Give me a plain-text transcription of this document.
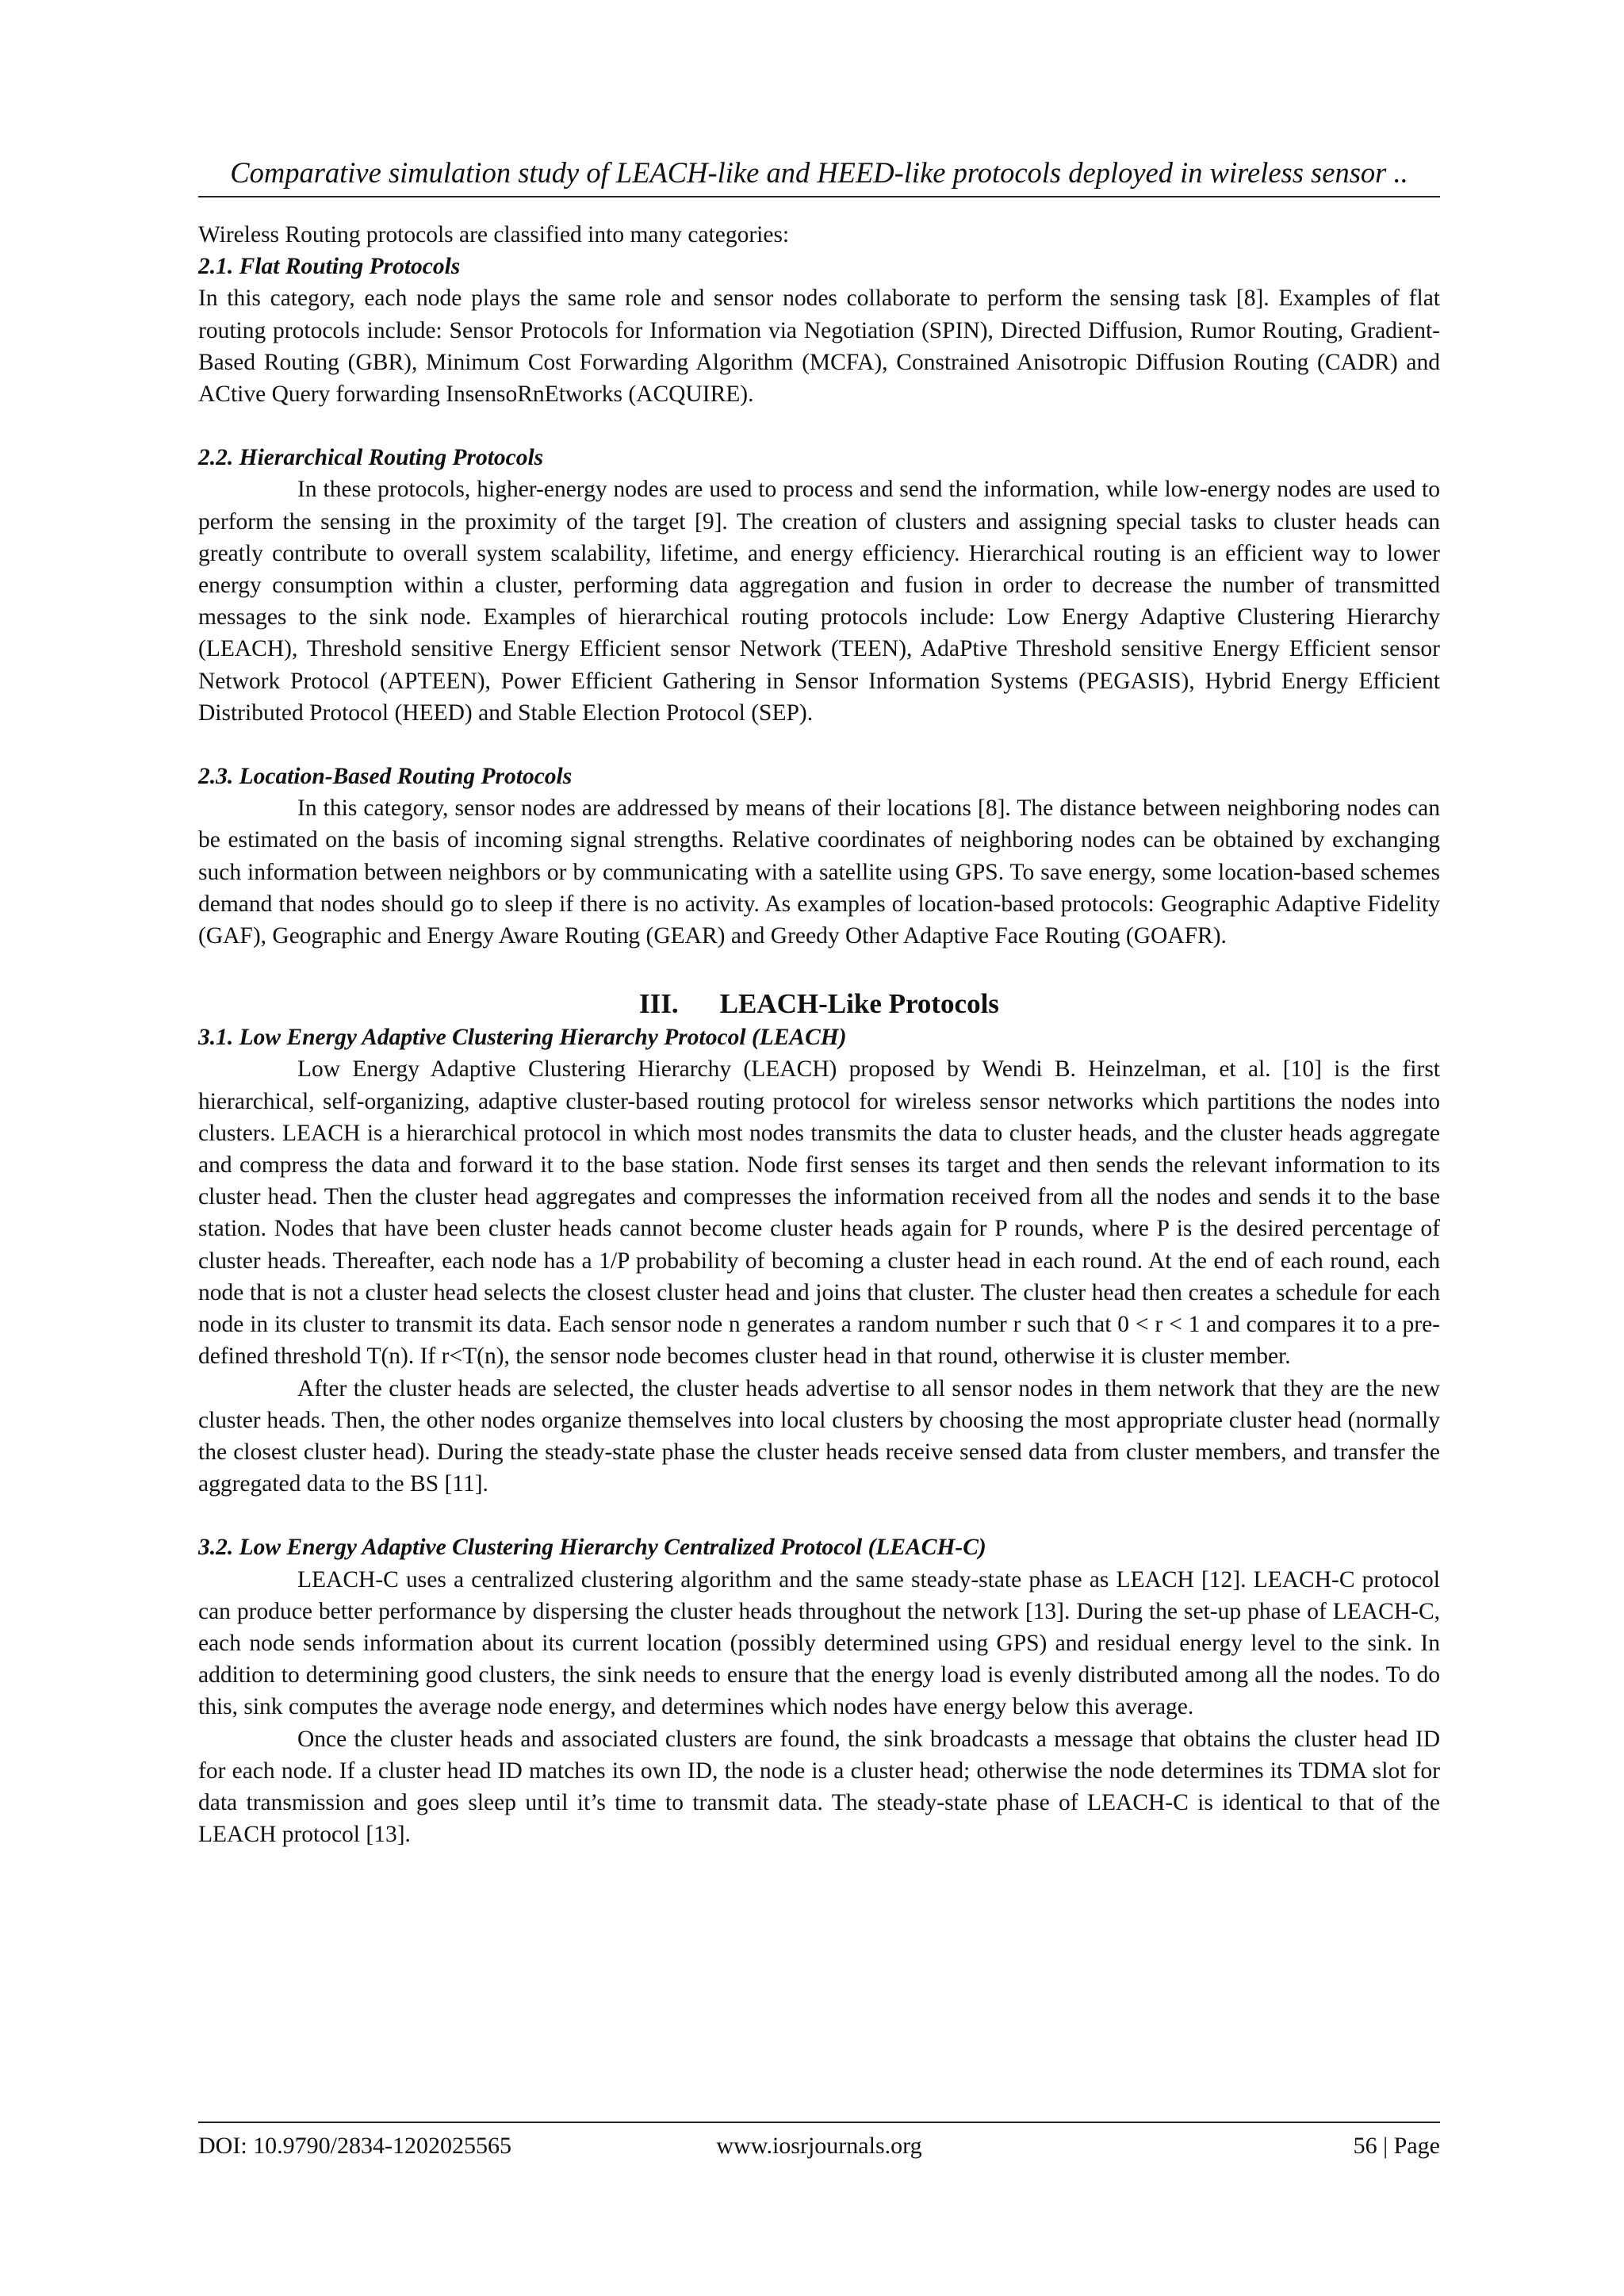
Comparative simulation study of LEACH-like and HEED-like protocols deployed in wireless sensor ..

Wireless Routing protocols are classified into many categories:

2.1. Flat Routing Protocols

In this category, each node plays the same role and sensor nodes collaborate to perform the sensing task [8]. Examples of flat routing protocols include: Sensor Protocols for Information via Negotiation (SPIN), Directed Diffusion, Rumor Routing, Gradient-Based Routing (GBR), Minimum Cost Forwarding Algorithm (MCFA), Constrained Anisotropic Diffusion Routing (CADR) and ACtive Query forwarding InsensoRnEtworks (ACQUIRE).

2.2. Hierarchical Routing Protocols

In these protocols, higher-energy nodes are used to process and send the information, while low-energy nodes are used to perform the sensing in the proximity of the target [9]. The creation of clusters and assigning special tasks to cluster heads can greatly contribute to overall system scalability, lifetime, and energy efficiency. Hierarchical routing is an efficient way to lower energy consumption within a cluster, performing data aggregation and fusion in order to decrease the number of transmitted messages to the sink node. Examples of hierarchical routing protocols include: Low Energy Adaptive Clustering Hierarchy (LEACH), Threshold sensitive Energy Efficient sensor Network (TEEN), AdaPtive Threshold sensitive Energy Efficient sensor Network Protocol (APTEEN), Power Efficient Gathering in Sensor Information Systems (PEGASIS), Hybrid Energy Efficient Distributed Protocol (HEED) and Stable Election Protocol (SEP).

2.3. Location-Based Routing Protocols

In this category, sensor nodes are addressed by means of their locations [8]. The distance between neighboring nodes can be estimated on the basis of incoming signal strengths. Relative coordinates of neighboring nodes can be obtained by exchanging such information between neighbors or by communicating with a satellite using GPS. To save energy, some location-based schemes demand that nodes should go to sleep if there is no activity. As examples of location-based protocols: Geographic Adaptive Fidelity (GAF), Geographic and Energy Aware Routing (GEAR) and Greedy Other Adaptive Face Routing (GOAFR).

III. LEACH-Like Protocols
3.1. Low Energy Adaptive Clustering Hierarchy Protocol (LEACH)

Low Energy Adaptive Clustering Hierarchy (LEACH) proposed by Wendi B. Heinzelman, et al. [10] is the first hierarchical, self-organizing, adaptive cluster-based routing protocol for wireless sensor networks which partitions the nodes into clusters. LEACH is a hierarchical protocol in which most nodes transmits the data to cluster heads, and the cluster heads aggregate and compress the data and forward it to the base station. Node first senses its target and then sends the relevant information to its cluster head. Then the cluster head aggregates and compresses the information received from all the nodes and sends it to the base station. Nodes that have been cluster heads cannot become cluster heads again for P rounds, where P is the desired percentage of cluster heads. Thereafter, each node has a 1/P probability of becoming a cluster head in each round. At the end of each round, each node that is not a cluster head selects the closest cluster head and joins that cluster. The cluster head then creates a schedule for each node in its cluster to transmit its data. Each sensor node n generates a random number r such that 0 < r < 1 and compares it to a pre-defined threshold T(n). If r<T(n), the sensor node becomes cluster head in that round, otherwise it is cluster member.

After the cluster heads are selected, the cluster heads advertise to all sensor nodes in them network that they are the new cluster heads. Then, the other nodes organize themselves into local clusters by choosing the most appropriate cluster head (normally the closest cluster head). During the steady-state phase the cluster heads receive sensed data from cluster members, and transfer the aggregated data to the BS [11].

3.2. Low Energy Adaptive Clustering Hierarchy Centralized Protocol (LEACH-C)

LEACH-C uses a centralized clustering algorithm and the same steady-state phase as LEACH [12]. LEACH-C protocol can produce better performance by dispersing the cluster heads throughout the network [13]. During the set-up phase of LEACH-C, each node sends information about its current location (possibly determined using GPS) and residual energy level to the sink. In addition to determining good clusters, the sink needs to ensure that the energy load is evenly distributed among all the nodes. To do this, sink computes the average node energy, and determines which nodes have energy below this average.

Once the cluster heads and associated clusters are found, the sink broadcasts a message that obtains the cluster head ID for each node. If a cluster head ID matches its own ID, the node is a cluster head; otherwise the node determines its TDMA slot for data transmission and goes sleep until it’s time to transmit data. The steady-state phase of LEACH-C is identical to that of the LEACH protocol [13].

DOI: 10.9790/2834-1202025565	www.iosrjournals.org	56 | Page
